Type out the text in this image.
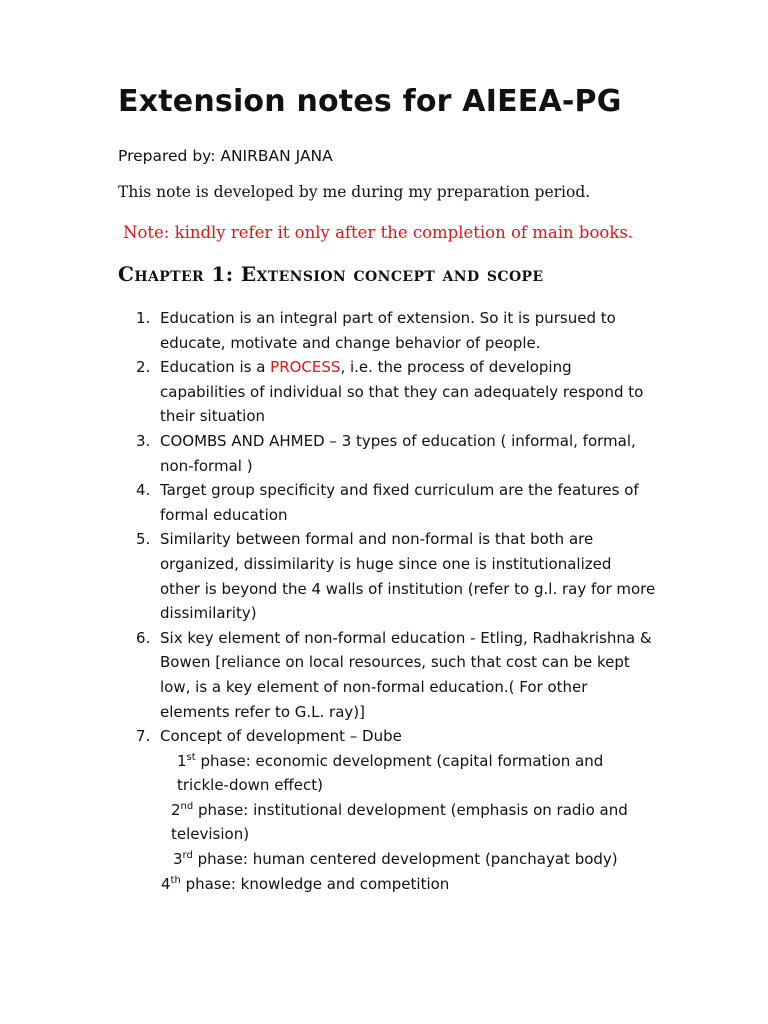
Extension notes for AIEEA-PG
Prepared by: ANIRBAN JANA
This note is developed by me during my preparation period.
Note: kindly refer it only after the completion of main books.
Chapter 1: Extension concept and scope
1. Education is an integral part of extension. So it is pursued to educate, motivate and change behavior of people.
2. Education is a PROCESS, i.e. the process of developing capabilities of individual so that they can adequately respond to their situation
3. COOMBS AND AHMED – 3 types of education ( informal, formal, non-formal )
4. Target group specificity and fixed curriculum are the features of formal education
5. Similarity between formal and non-formal is that both are organized, dissimilarity is huge since one is institutionalized other is beyond the 4 walls of institution (refer to g.l. ray for more dissimilarity)
6. Six key element of non-formal education - Etling, Radhakrishna & Bowen [reliance on local resources, such that cost can be kept low, is a key element of non-formal education.( For other elements refer to G.L. ray)]
7. Concept of development – Dube
1st phase: economic development (capital formation and trickle-down effect)
2nd phase: institutional development (emphasis on radio and television)
3rd phase: human centered development (panchayat body)
4th phase: knowledge and competition
